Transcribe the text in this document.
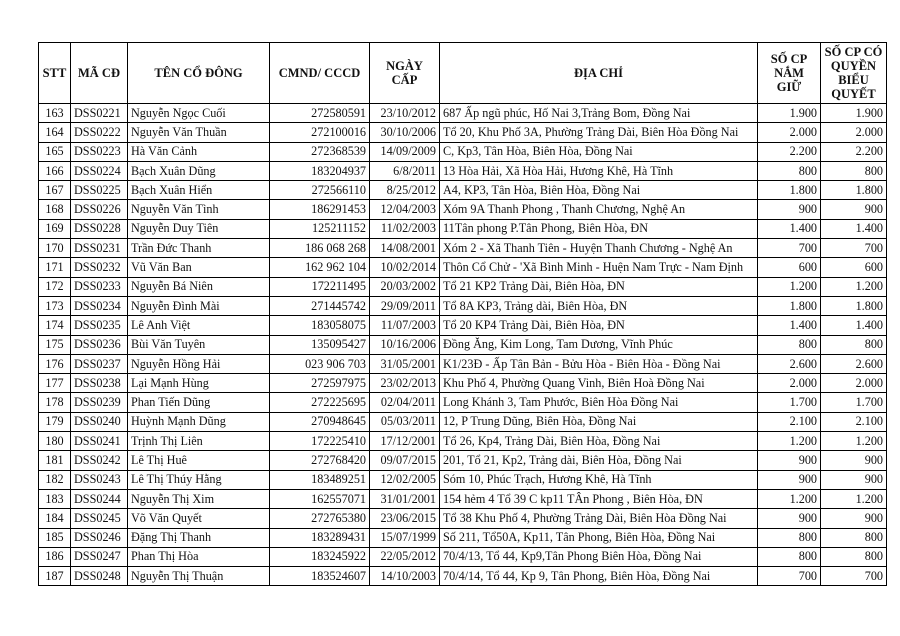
STT	MÃ CĐ	TÊN CỔ ĐÔNG	CMND/ CCCD	NGÀY CẤP	ĐỊA CHỈ	SỐ CP NẮM GIỮ	SỐ CP CÓ QUYỀN BIỂU QUYẾT
163	DSS0221	Nguyễn Ngọc Cuối	272580591	23/10/2012	687 Ấp ngũ phúc, Hố Nai 3,Trảng Bom, Đồng Nai	1.900	1.900
164	DSS0222	Nguyễn Văn Thuần	272100016	30/10/2006	Tổ 20, Khu Phố 3A, Phường Trảng Dài, Biên Hòa Đồng Nai	2.000	2.000
165	DSS0223	Hà Văn Cảnh	272368539	14/09/2009	C, Kp3, Tân Hòa, Biên Hòa, Đồng Nai	2.200	2.200
166	DSS0224	Bạch Xuân Dũng	183204937	6/8/2011	13 Hòa Hải, Xã Hòa Hải, Hương Khê, Hà Tĩnh	800	800
167	DSS0225	Bạch Xuân Hiển	272566110	8/25/2012	A4, KP3, Tân Hòa, Biên Hòa, Đồng Nai	1.800	1.800
168	DSS0226	Nguyễn Văn Tình	186291453	12/04/2003	Xóm 9A Thanh Phong , Thanh Chương, Nghệ An	900	900
169	DSS0228	Nguyễn Duy Tiên	125211152	11/02/2003	11Tân phong P.Tân Phong, Biên Hòa, ĐN	1.400	1.400
170	DSS0231	Trần Đức Thanh	186 068 268	14/08/2001	Xóm 2 - Xã Thanh Tiên - Huyện Thanh Chương - Nghệ An	700	700
171	DSS0232	Vũ Văn Ban	162 962 104	10/02/2014	Thôn Cổ Chử - 'Xã Bình Minh - Huện Nam Trực - Nam Định	600	600
172	DSS0233	Nguyễn Bá Niên	172211495	20/03/2002	Tổ 21 KP2 Trảng Dài, Biên Hòa, ĐN	1.200	1.200
173	DSS0234	Nguyễn Đình Mài	271445742	29/09/2011	Tổ 8A KP3, Trảng dài, Biên Hòa, ĐN	1.800	1.800
174	DSS0235	Lê Anh Việt	183058075	11/07/2003	Tổ 20 KP4 Trảng Dài, Biên Hòa, ĐN	1.400	1.400
175	DSS0236	Bùi Văn Tuyên	135095427	10/16/2006	Đồng Ăng, Kim Long, Tam Dương, Vĩnh Phúc	800	800
176	DSS0237	Nguyễn Hồng Hải	023 906 703	31/05/2001	K1/23Đ - Ấp Tân Bản - Bửu Hòa - Biên Hòa - Đồng Nai	2.600	2.600
177	DSS0238	Lại Mạnh Hùng	272597975	23/02/2013	Khu Phố 4, Phường Quang Vinh, Biên Hoà Đồng Nai	2.000	2.000
178	DSS0239	Phan Tiến Dũng	272225695	02/04/2011	Long Khánh 3, Tam Phước, Biên Hòa Đồng Nai	1.700	1.700
179	DSS0240	Huỳnh Mạnh Dũng	270948645	05/03/2011	12, P Trung Dũng, Biên Hòa, Đồng Nai	2.100	2.100
180	DSS0241	Trịnh Thị Liên	172225410	17/12/2001	Tổ 26, Kp4, Trảng Dài, Biên Hòa, Đồng Nai	1.200	1.200
181	DSS0242	Lê Thị Huê	272768420	09/07/2015	201, Tổ 21, Kp2, Trảng dài, Biên Hòa, Đồng Nai	900	900
182	DSS0243	Lê Thị Thúy Hằng	183489251	12/02/2005	Sóm 10, Phúc Trạch, Hương Khê, Hà Tĩnh	900	900
183	DSS0244	Nguyễn Thị Xim	162557071	31/01/2001	154 hẻm 4 Tổ 39 C kp11 TÂn Phong , Biên Hòa, ĐN	1.200	1.200
184	DSS0245	Võ Văn Quyết	272765380	23/06/2015	Tổ 38 Khu Phố 4, Phường Trảng Dài, Biên Hòa Đồng Nai	900	900
185	DSS0246	Đặng Thị Thanh	183289431	15/07/1999	Số 211, Tổ50A, Kp11, Tân Phong, Biên Hòa, Đồng Nai	800	800
186	DSS0247	Phan Thị Hòa	183245922	22/05/2012	70/4/13, Tổ 44, Kp9,Tân Phong Biên Hòa, Đồng Nai	800	800
187	DSS0248	Nguyễn Thị Thuận	183524607	14/10/2003	70/4/14, Tổ 44, Kp 9, Tân Phong, Biên Hòa, Đồng Nai	700	700
